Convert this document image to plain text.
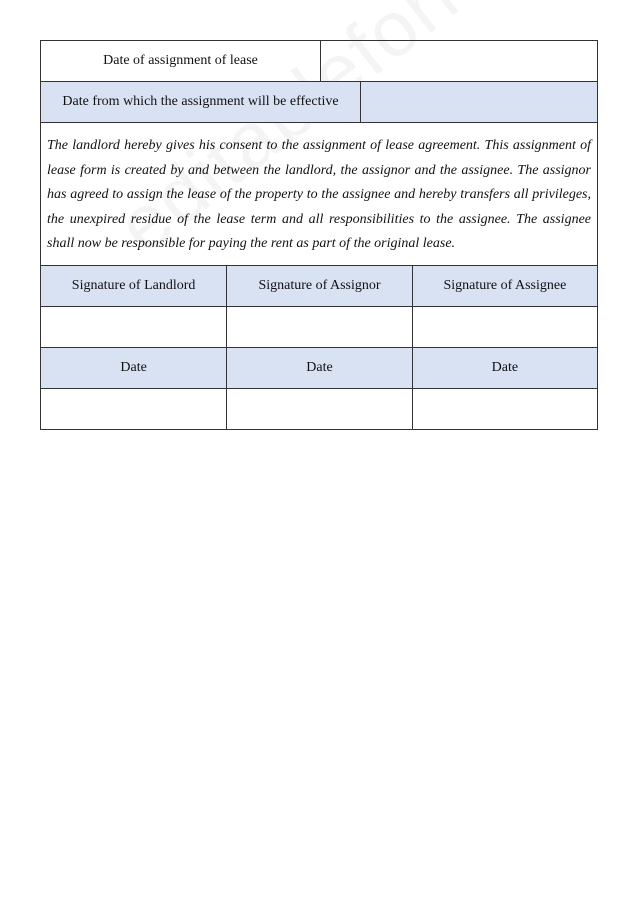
Date of assignment of lease
Date from which the assignment will be effective

The landlord hereby gives his consent to the assignment of lease agreement. This assignment of lease form is created by and between the landlord, the assignor and the assignee. The assignor has agreed to assign the lease of the property to the assignee and hereby transfers all privileges, the unexpired residue of the lease term and all responsibilities to the assignee. The assignee shall now be responsible for paying the rent as part of the original lease.

Signature of Landlord	Signature of Assignor	Signature of Assignee
Date	Date	Date
